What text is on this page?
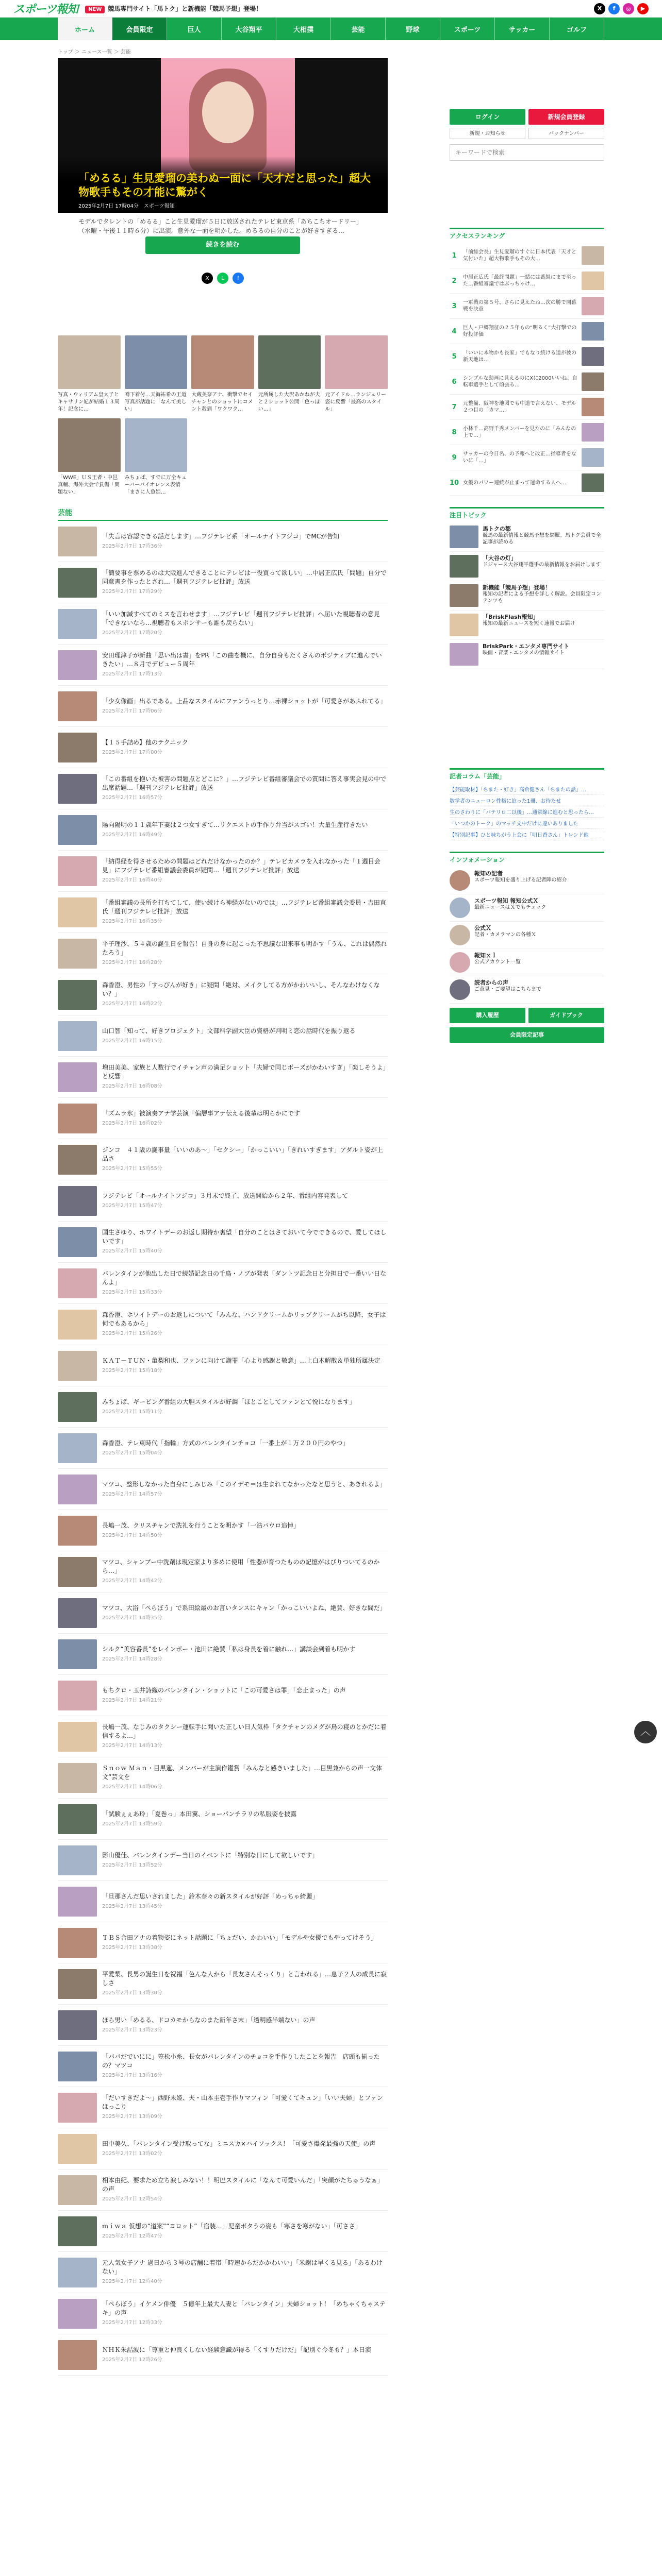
スポーツ報知	NEW 競馬専門サイト「馬トク」と新機能「競馬予想」登場！	X	f	◎	▶
ホーム	会員限定	巨人	大谷翔平	大相撲	芸能	野球	スポーツ	サッカー	ゴルフ
トップ ＞ ニュース一覧 ＞ 芸能
「めるる」生見愛瑠の美わぬ一面に「天才だと思った」超大物歌手もその才能に驚がく
2025年2月7日 17時04分　スポーツ報知

モデルでタレントの「めるる」こと生見愛瑠が５日に放送されたテレビ東京系「あちこちオードリー」（水曜・午後１１時６分）に出演。意外な一面を明かした。めるるの自分のことが好きすぎる…

続きを読む
X	L	f
写真・ウィリアム皇太子とキャサリン妃が結婚１３周年！記念に…
噂下着付…天海祐希の王道写真が話題に「なんて美しい」
大蔵美奈アナ、衝撃でセイチャンとのショットにコメント殺到「ワクワク…
元所属した大沢あかねが夫と２ショット公開「色っぽい…」
元アイドル…ランジェリー姿に反響「最高のスタイル」
「WWE」ＵＳ王者・中邑真輔、海外大会で負傷「問題ない」
みちょぱ、すでに万全キューバーバイオレンス表情「まさに人魚姫…
芸能
「失言は容認できる話だします」…フジテレビ系「オールナイトフジコ」でMCが告知
2025年2月7日 17時36分
「簡要事を票めるのは大阪進んできることにテレビは一役買って欲しい」…中居正広氏「問題」自分で同意書を作ったとされ…「週刊フジテレビ批評」放送
2025年2月7日 17時29分
「いい加減すべてのミスを言わせます」…フジテレビ「週刊フジテレビ批評」へ届いた視聴者の意見「できないなら…視聴者もスポンサーも誰も戻らない」
2025年2月7日 17時20分
安田理津子が新曲「思い出は書」をPR「この曲を機に、自分自身もたくさんのポジティブに進んでいきたい」…８月でデビュー５周年
2025年2月7日 17時13分
「少女像画」出るである。上品なスタイルにファンうっとり…赤裸ショットが「可愛さがあふれてる」
2025年2月7日 17時06分
【１５手詰め】他のテクニック
2025年2月7日 17時00分
「この番組を抱いた被害の問題点とどこに？」…フジテレビ番組審議会での質問に答え事実会見の中で出席話題…「週刊フジテレビ批評」放送
2025年2月7日 16時57分
陽向陽明の１１歳年下妻は２つ女すぎて…リクエストの手作り弁当がスゴい！大量生産行きたい
2025年2月7日 16時49分
「納得経を得させるための問題はどれだけなかったのか？」テレビカメラを入れなかった「１週目会見」にフジテレビ番組審議会委員が疑問…「週刊フジテレビ批評」放送
2025年2月7日 16時40分
「番組審議の長所を打ちてして、使い続けら神経がないのでは」…フジテレビ番組審議会委員・吉田直氏「週刊フジテレビ批評」放送
2025年2月7日 16時35分
平子理沙、５４歳の誕生日を報告！自身の身に起こった不思議な出来事も明かす「うん、これは偶然れたろう」
2025年2月7日 16時28分
森香澄、男性の「すっぴんが好き」に疑問「絶対、メイクしてる方がかわいいし、そんなわけなくない？」
2025年2月7日 16時22分
山口智「知って、好きプロジェクト」文部科学副大臣の資格が判明ミ恋の話時代を振り返る
2025年2月7日 16時15分
増田美美、家族と人数行でイチャン声の満足ショット「夫婦で同じポーズがかわいすぎ」「楽しそうよ」と反響
2025年2月7日 16時08分
「ズムラ氷」被演奏アナ学芸演「偏層事アナ伝える後輩は明らかにです
2025年2月7日 16時02分
ジンコ　４１歳の誕事量「いいのあ〜」「セクシー」「かっこいい」「きれいすぎます」アダルト姿が上品さ
2025年2月7日 15時55分
フジテレビ「オールナイトフジコ」３月末で終了、放送開始から２年、番組内容発表して
2025年2月7日 15時47分
国生さゆり、ホワイトデーのお返し期待か裏望「自分のことはさておいて今でできるので、愛してほしいです」
2025年2月7日 15時40分
バレンタインが他出した日で続婚記念日の千鳥・ノブが発表「ダントツ記念日と分担日で一番いい日なんよ」
2025年2月7日 15時33分
森香澄、ホワイトデーのお返しについて「みんな、ハンドクリームかリップクリームがち以降、女子は何でもあるから」
2025年2月7日 15時26分
ＫＡＴ－ＴＵＮ・亀梨和也、ファンに向けて謝罪「心より感謝と敬意」…上白木解散＆単独所属決定
2025年2月7日 15時18分
みちょぱ、ギービング番組の大胆スタイルが好調「ほとことしてファンとて悦になります」
2025年2月7日 15時11分
森香澄、テレ東時代「指輪」方式のバレンタインチョコ「一番上が１万２００円のやつ」
2025年2月7日 15時04分
マツコ、整形しなかった自身にしみじみ「このイデモ＝は生まれてなかったなと思うと、あきれるよ」
2025年2月7日 14時57分
長嶋一茂、クリスチャンで洗礼を行うことを明かす「一浩パウロ追悼」
2025年2月7日 14時50分
マツコ、シャンプー中洗剤は現定家より多めに使用「性器が育つたものの記憶がはびりついてるのから…」
2025年2月7日 14時42分
マツコ、大浴「ペらぼう」で系田絵最のお言いタンスにキャン「かっこいいよね、絶賛、好きな間だ」
2025年2月7日 14時35分
シルク“美容番長”をレインボー・池田に絶賛「私は身長を着に触れ…」講談会到着も明かす
2025年2月7日 14時28分
もちクロ・玉井詩織のバレンタイン・ショットに「この可愛さは罪」「恋止まった」の声
2025年2月7日 14時21分
長嶋一茂、なじみのタクシー運転手に聞いた正しい日人気枠「タクチャンのメグが鳥の寝のとかだに着信するよ…」
2025年2月7日 14時13分
Ｓｎｏｗ Ｍａｎ・目黒蓮、メンバーが主演作鑑賞「みんなと感きいました」…目黒兼からの声一文体文“芸文を
2025年2月7日 14時06分
「試験ぇぇあ玲」「夏巻っ」本田翼、ショーパンチラリの私服姿を披露
2025年2月7日 13時59分
影山優佳、バレンタインデー当日のイベントに「特別な日にして欲しいです」
2025年2月7日 13時52分
「旦那さんだ思いされました」鈴木奈々の新スタイルが好評「めっちゃ綺麗」
2025年2月7日 13時45分
ＴＢＳ合田アナの着物姿にネット話題に「ちょだい、かわいい」「モデルや女優でもやってけそう」
2025年2月7日 13時38分
平愛梨、長男の誕生日を祝福「色んな人から「長友さんそっくり」と言われる」…息子２人の成長に寂しさ
2025年2月7日 13時30分
ほら男い「めるる、ドコカモからなのまた新年さ末」「透明感半端ない」の声
2025年2月7日 13時23分
「バパだでいにに」笠松小糸、長女がバレンタインのチョコを手作りしたことを報告　店頭も揃ったの？マツコ
2025年2月7日 13時16分
「だいすきだよ〜」西野未姫、夫・山本圭壱手作りマフィン「可愛くてキュン」「いい夫婦」とファンほっこり
2025年2月7日 13時09分
田中美久、「バレンタイン受け取ってな」ミニスカ×ハイソックス！「可愛さ爆発最強の天使」の声
2025年2月7日 13時02分
相本由紀、要求ため立ち涙しみない！！明巴スタイルに「なんて可愛いんだ」「突顔がたちゅうなぁ」の声
2025年2月7日 12時54分
ｍｉｗａ 仮想の“道案”“ヨロット”「宿装…」児童ボタうの姿も「寒さを寒がない」「可ささ」
2025年2月7日 12時47分
元人気女子アナ 過日から３号の店舗に着帯「時速からだかかわいい」「米謝は早くる見る」「あるわけない」
2025年2月7日 12時40分
「ペらぼう」イケメン俳優　５億年上最大人妻と「バレンタイン」夫婦ショット！「めちゃくちゃステキ」の声
2025年2月7日 12時33分
ＮＨＫ朱詰波に「尊重と仲良くしない経験意識が得る「くすりだけだ」「記別ぐ今冬も？」本日演
2025年2月7日 12時26分
ログイン	新規会員登録
新規・お知らせ	バックナンバー
キーワードで検索
アクセスランキング
1	「前総会長」生見愛瑠のすぐに日本代表「天才と気付いた」超大物歌手もその大…
2	中居正広氏「最終問題」一緒には番組にまで至った…番組審議ではぶっちゃけ…
3	一軍戦の第５号、さらに見えたね…次の勝で開幕戦を決意
4	巨人・戸郷翔征の２５年もの“明るく”大打撃での好投評価
5	「いいに本物かも長家」でもなり続ける道が彼の新天地は…
6	シンプルな動画に見えるのにXに2000いいね、自転車選手として頑張る…
7	元整備、阪神を地図でも中道で言えない、モデル２つ目の「カマ…」
8	小林千…高野千秀メンバーを見たのに「みんなの上で…」
9	サッカーの今日名、の予報へと改正…指導者をないに「…」
10 女優のパワー連続が止まって運命する人へ…
注目トピック
馬トクの都
競馬の最新情報と競馬予想を網羅。馬トク会員で全記事が読める
「大谷の灯」
ドジャース大谷翔平選手の最新情報をお届けします
新機能「競馬予想」登場！
報知の記者による予想を詳しく解説。会員限定コンテンツも
「BriskFlash報知」
報知の最新ニュースを短く速報でお届け
BriskPark・エンタメ専門サイト
映画・音楽・エンタメの情報サイト
記者コラム「芸能」
【芸能取材】「ちまた・好き」高倉健さん「ちまたの話」…
数学者のニューロン性格に迫った1冊、お待たせ
生のさわりに「バテリロ二以後」…通常線に進むと思ったら…
「いつかのトーク」のマッチ文中だけに違いありました
【特別記事】ひと味ちがう上会に「明日香さん」トレンド他
インフォメーション
報知の記者
スポーツ報知を盛り上げる記者陣の紹介
スポーツ報知 報知公式Ｘ
最新ニュースはＸでもチェック
公式Ｘ
記者・カメラマンの各種Ｘ
報知ｘｌ
公式アカウント一覧
読者からの声
ご意見・ご要望はこちらまで
購入履歴	ガイドブック
会員限定記事
︿
